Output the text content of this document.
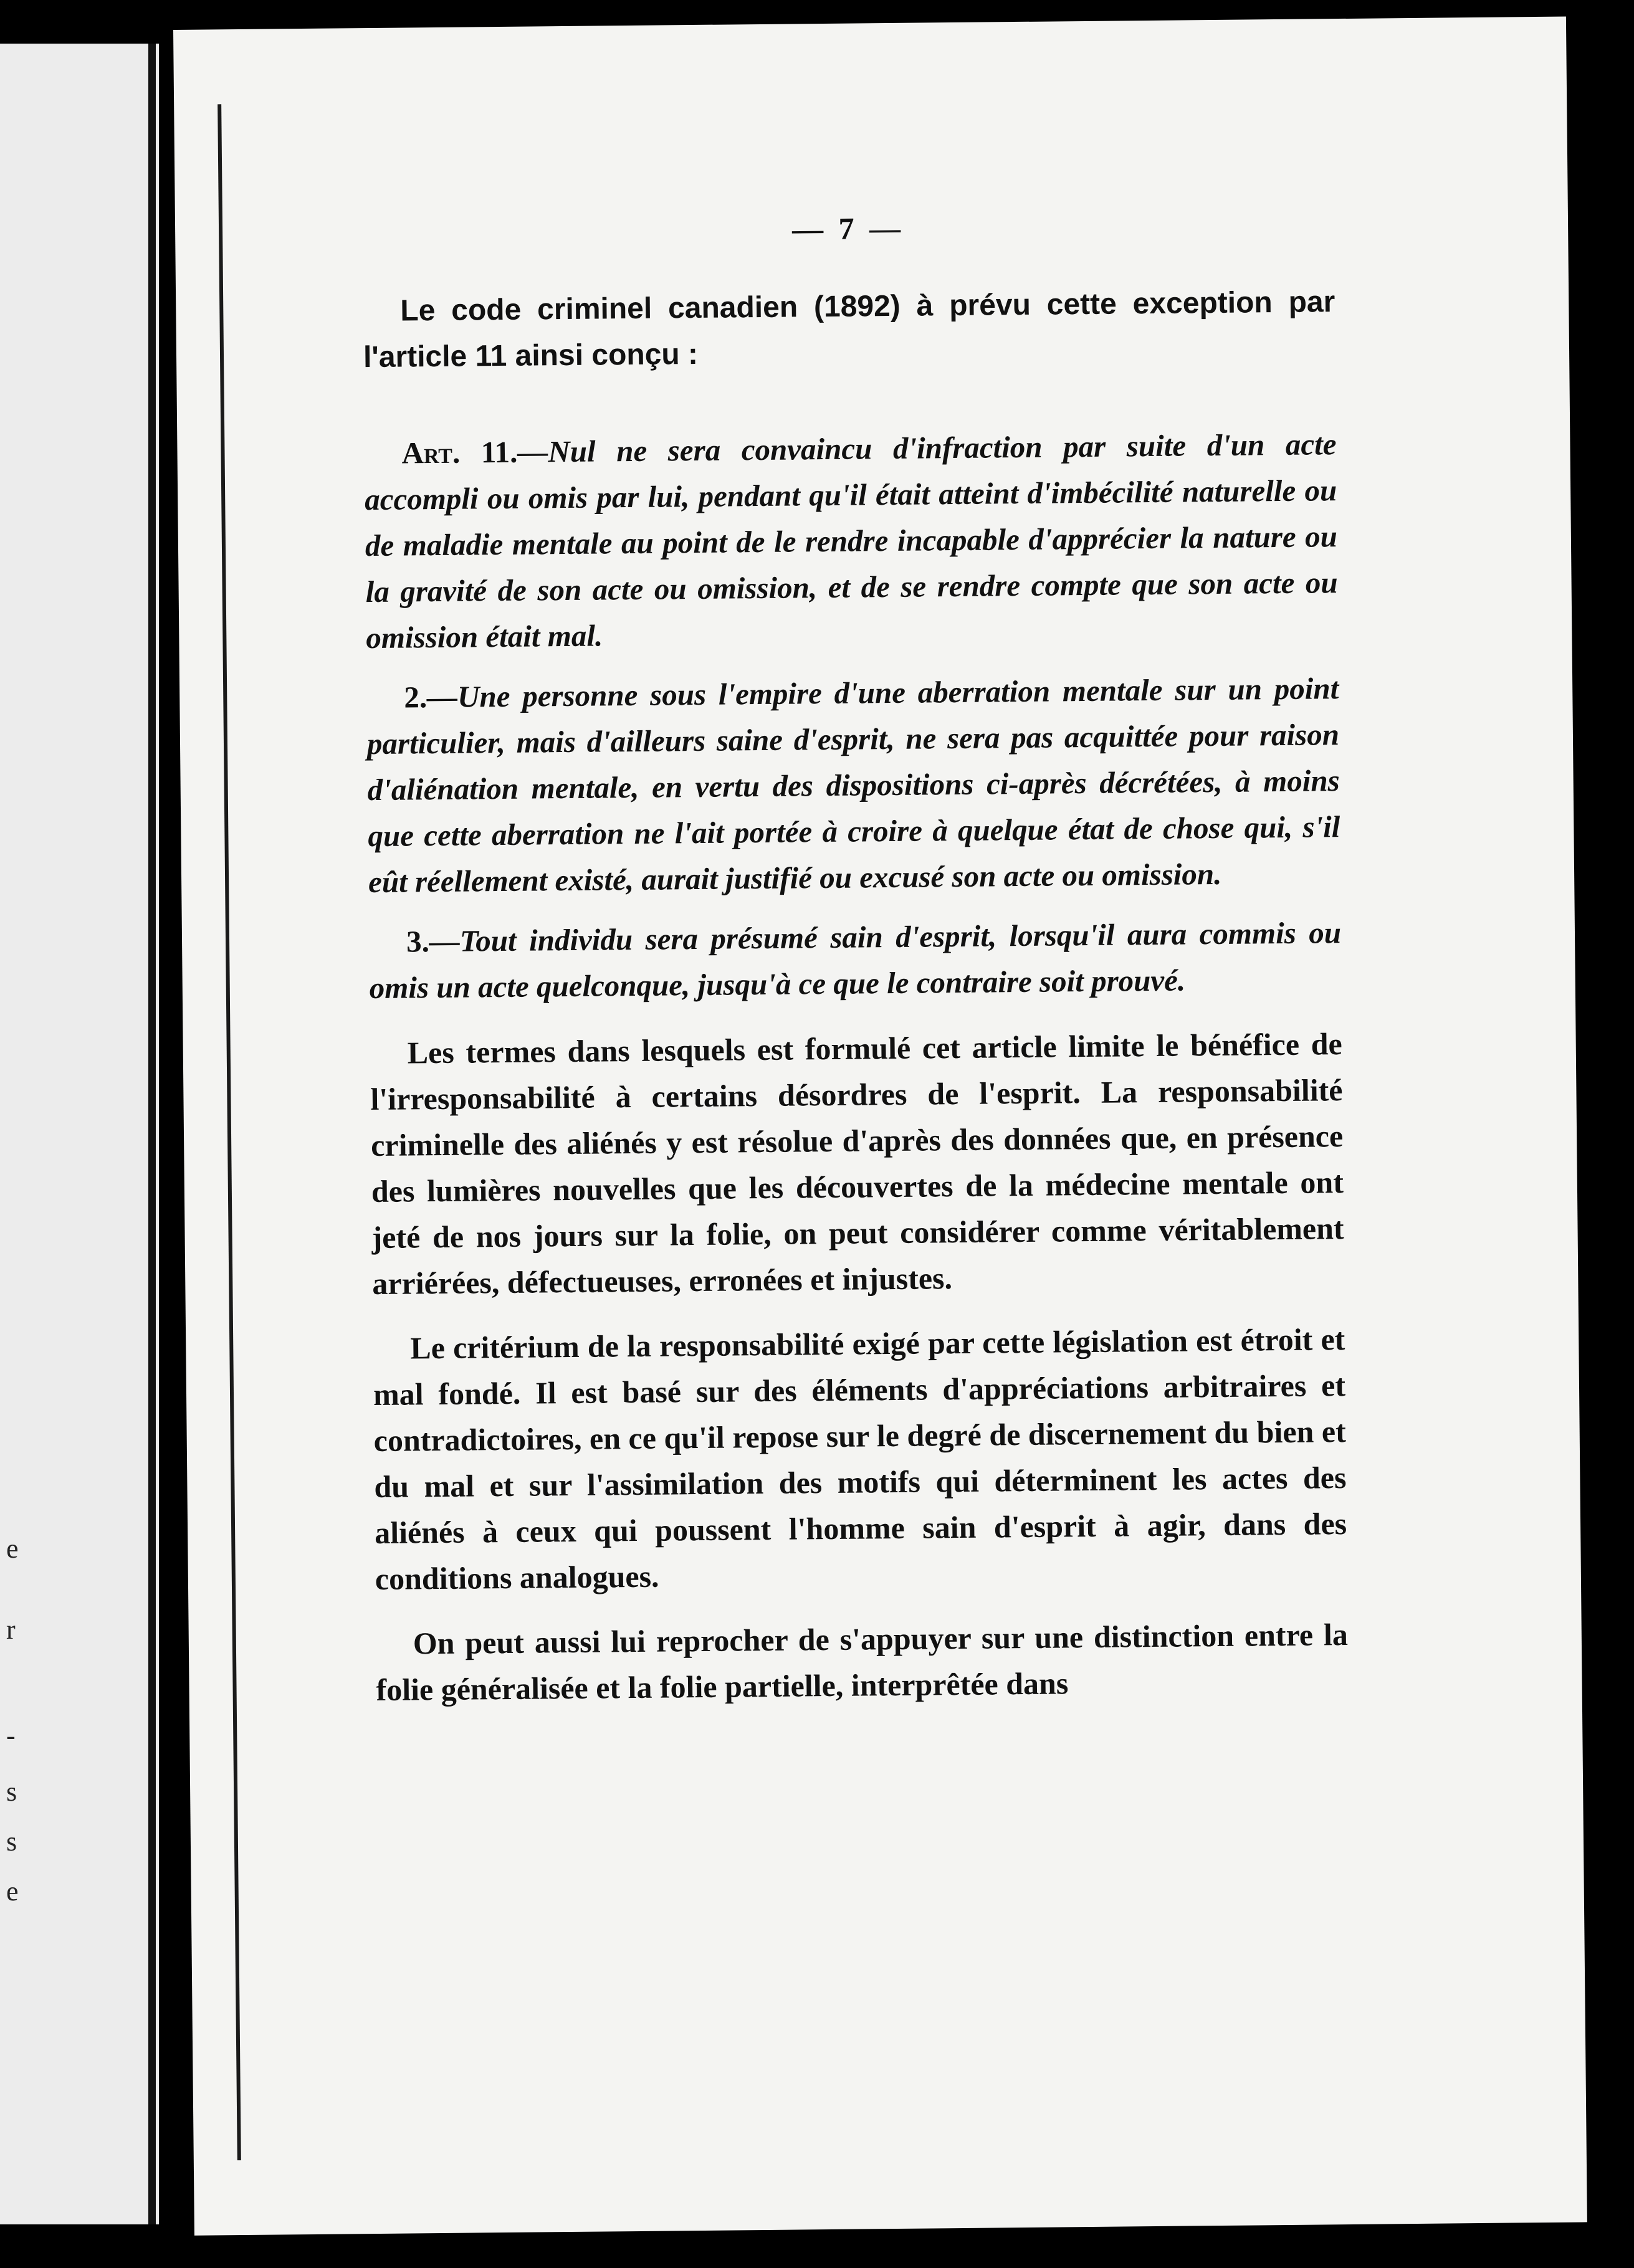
e
r
-
s
s
e
— 7 —

Le code criminel canadien (1892) à prévu cette exception par l'article 11 ainsi conçu :

Art. 11.—Nul ne sera convaincu d'infraction par suite d'un acte accompli ou omis par lui, pendant qu'il était atteint d'imbécilité naturelle ou de maladie mentale au point de le rendre incapable d'apprécier la nature ou la gravité de son acte ou omission, et de se rendre compte que son acte ou omission était mal.

2.—Une personne sous l'empire d'une aberration mentale sur un point particulier, mais d'ailleurs saine d'esprit, ne sera pas acquittée pour raison d'aliénation mentale, en vertu des dispositions ci-après décrétées, à moins que cette aberration ne l'ait portée à croire à quelque état de chose qui, s'il eût réellement existé, aurait justifié ou excusé son acte ou omission.

3.—Tout individu sera présumé sain d'esprit, lorsqu'il aura commis ou omis un acte quelconque, jusqu'à ce que le contraire soit prouvé.

Les termes dans lesquels est formulé cet article limite le bénéfice de l'irresponsabilité à certains désordres de l'esprit. La responsabilité criminelle des aliénés y est résolue d'après des données que, en présence des lumières nouvelles que les découvertes de la médecine mentale ont jeté de nos jours sur la folie, on peut considérer comme véritablement arriérées, défectueuses, erronées et injustes.

Le critérium de la responsabilité exigé par cette législation est étroit et mal fondé. Il est basé sur des éléments d'appréciations arbitraires et contradictoires, en ce qu'il repose sur le degré de discernement du bien et du mal et sur l'assimilation des motifs qui déterminent les actes des aliénés à ceux qui poussent l'homme sain d'esprit à agir, dans des conditions analogues.

On peut aussi lui reprocher de s'appuyer sur une distinction entre la folie généralisée et la folie partielle, interprêtée dans
